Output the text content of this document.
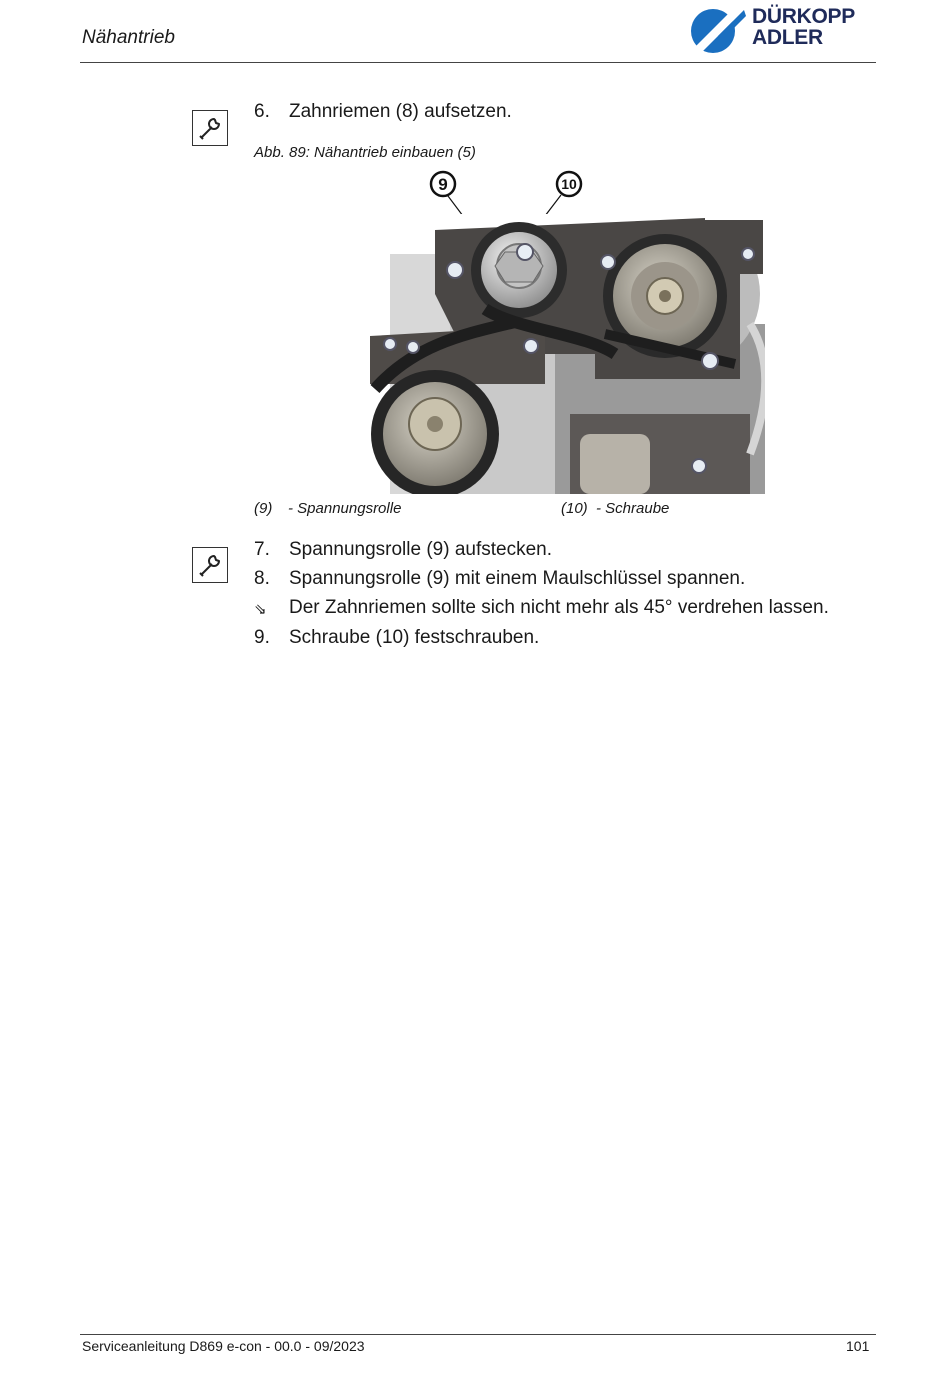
Nähantrieb
DÜRKOPP
ADLER
6. Zahnriemen (8) aufsetzen.
Abb. 89: Nähantrieb einbauen (5)
9	10
(9) - Spannungsrolle	(10) - Schraube
7. Spannungsrolle (9) aufstecken.
8. Spannungsrolle (9) mit einem Maulschlüssel spannen.
⇘ Der Zahnriemen sollte sich nicht mehr als 45° verdrehen lassen.
9. Schraube (10) festschrauben.
Serviceanleitung D869 e-con - 00.0 - 09/2023	101
